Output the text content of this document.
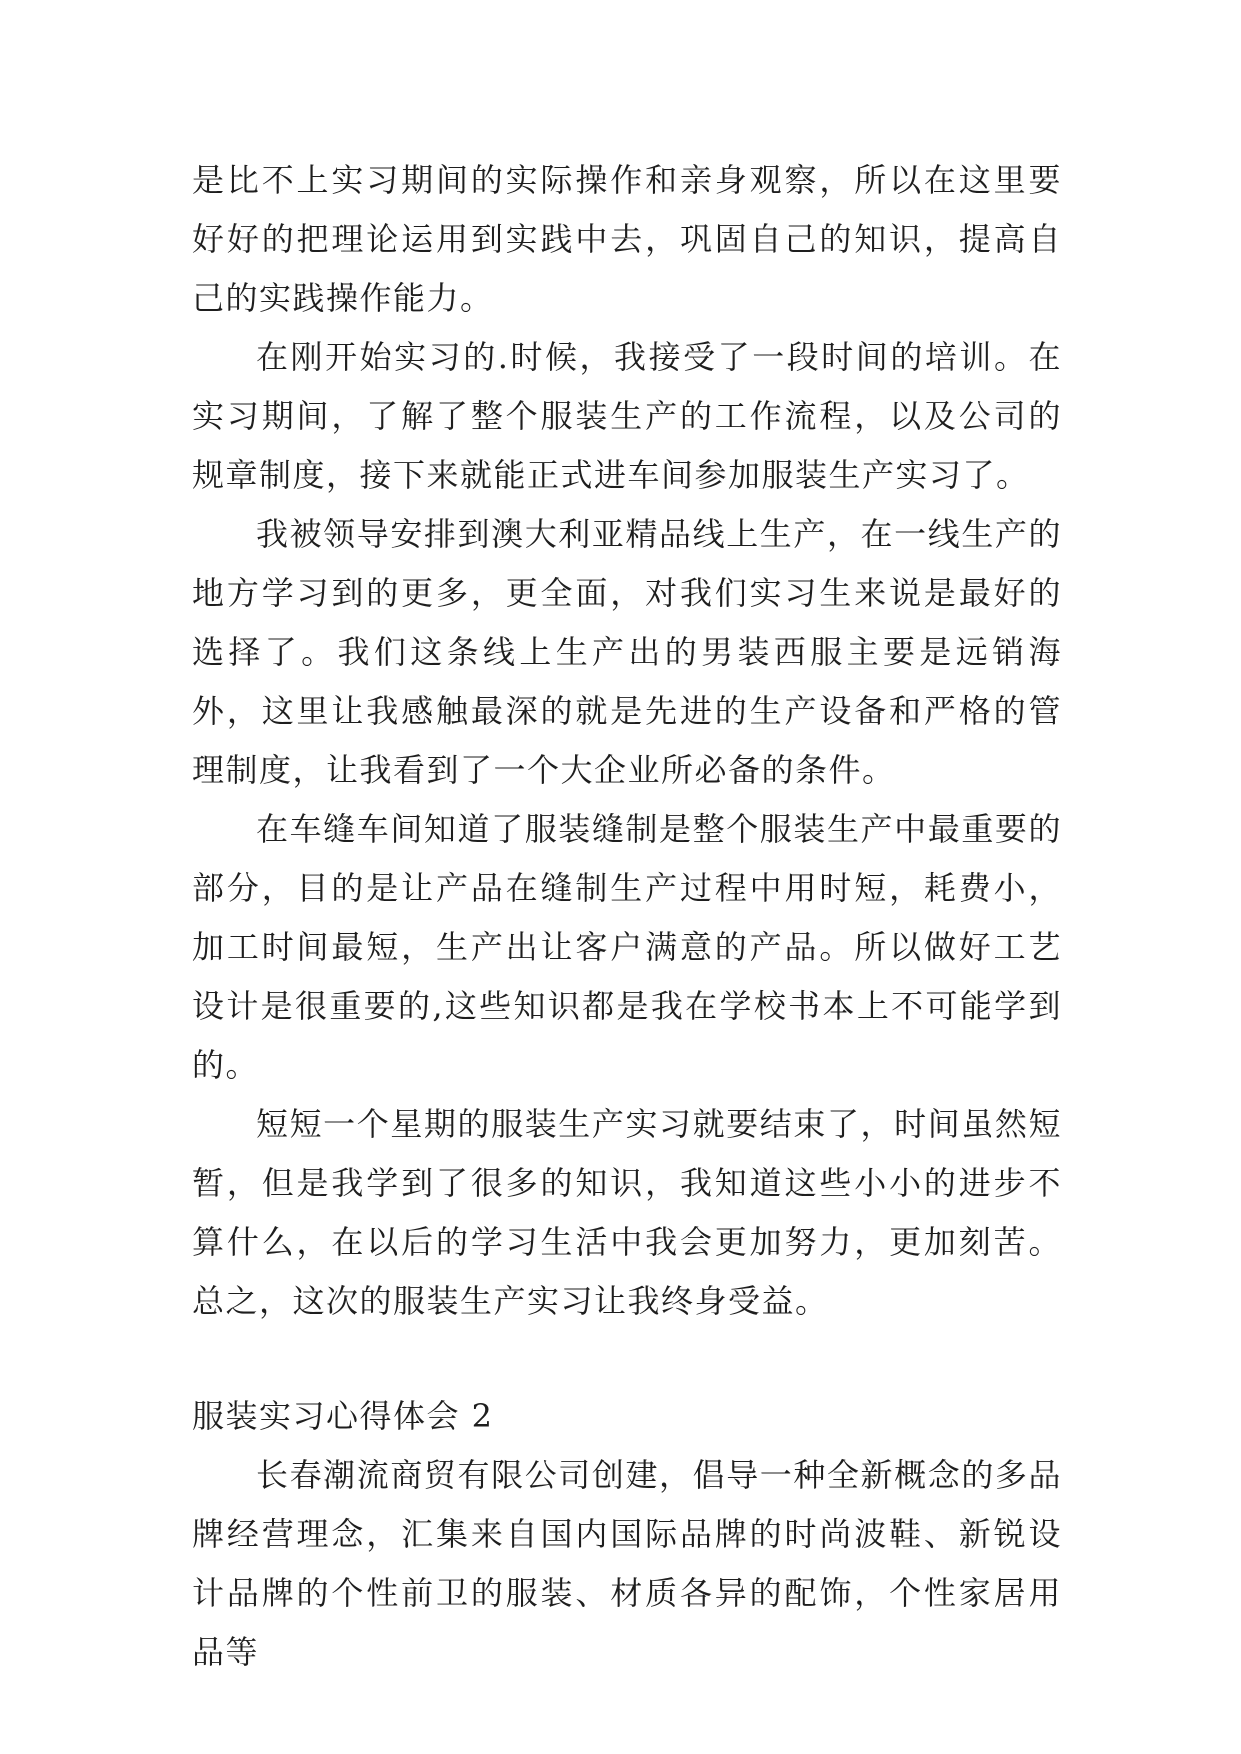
是比不上实习期间的实际操作和亲身观察，所以在这里要好好的把理论运用到实践中去，巩固自己的知识，提高自己的实践操作能力。

在刚开始实习的.时候，我接受了一段时间的培训。在实习期间，了解了整个服装生产的工作流程，以及公司的规章制度，接下来就能正式进车间参加服装生产实习了。

我被领导安排到澳大利亚精品线上生产，在一线生产的地方学习到的更多，更全面，对我们实习生来说是最好的选择了。我们这条线上生产出的男装西服主要是远销海外，这里让我感触最深的就是先进的生产设备和严格的管理制度，让我看到了一个大企业所必备的条件。

在车缝车间知道了服装缝制是整个服装生产中最重要的部分，目的是让产品在缝制生产过程中用时短，耗费小，加工时间最短，生产出让客户满意的产品。所以做好工艺设计是很重要的,这些知识都是我在学校书本上不可能学到的。

短短一个星期的服装生产实习就要结束了，时间虽然短暂，但是我学到了很多的知识，我知道这些小小的进步不算什么，在以后的学习生活中我会更加努力，更加刻苦。总之，这次的服装生产实习让我终身受益。

服装实习心得体会 2

长春潮流商贸有限公司创建，倡导一种全新概念的多品牌经营理念，汇集来自国内国际品牌的时尚波鞋、新锐设计品牌的个性前卫的服装、材质各异的配饰，个性家居用品等
